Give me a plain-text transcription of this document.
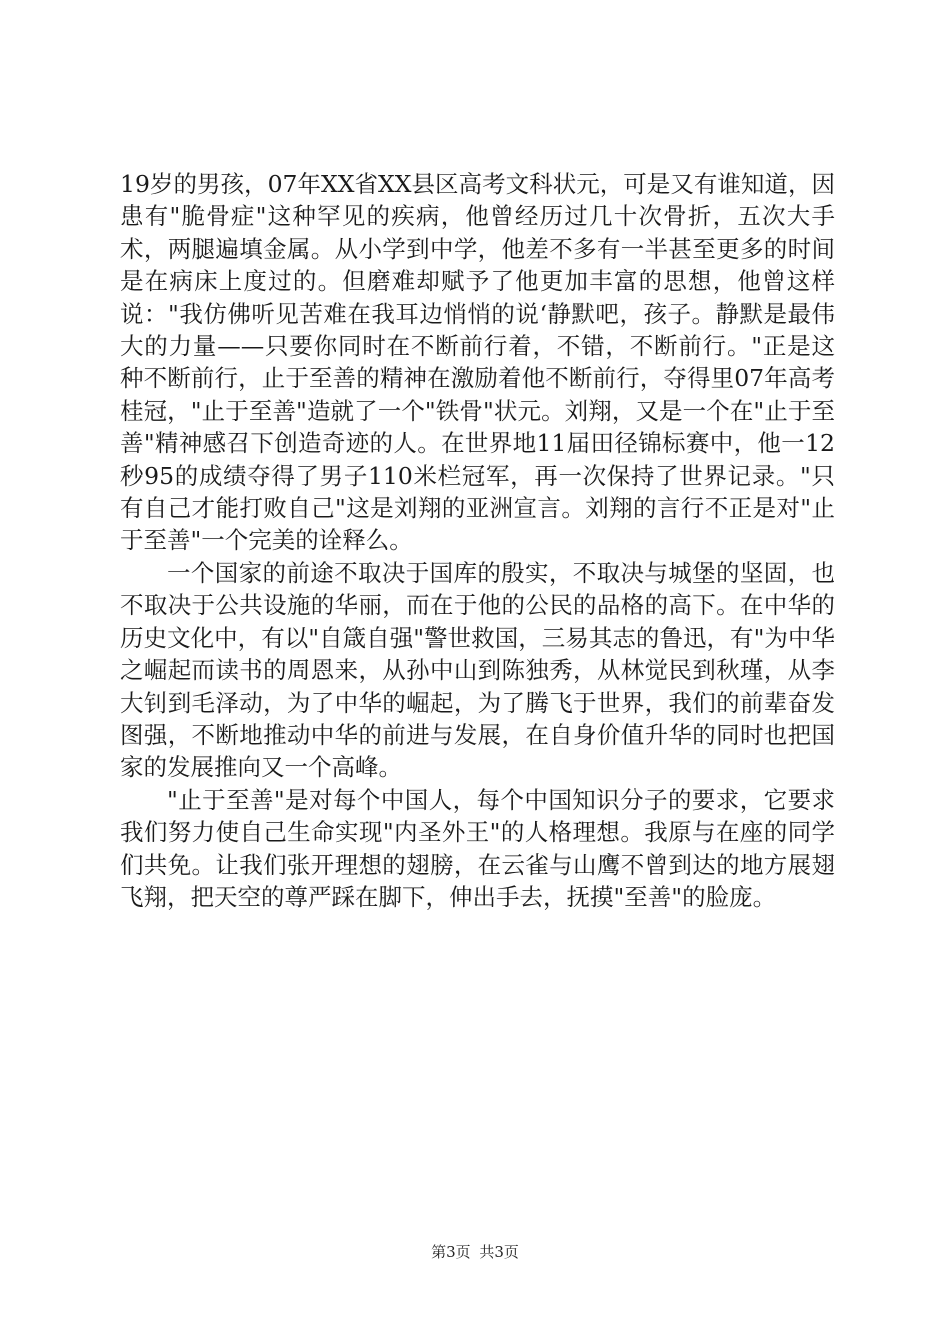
19岁的男孩，07年XX省XX县区高考文科状元，可是又有谁知道，因患有"脆骨症"这种罕见的疾病，他曾经历过几十次骨折，五次大手术，两腿遍填金属。从小学到中学，他差不多有一半甚至更多的时间是在病床上度过的。但磨难却赋予了他更加丰富的思想，他曾这样说："我仿佛听见苦难在我耳边悄悄的说‘静默吧，孩子。静默是最伟大的力量——只要你同时在不断前行着，不错，不断前行。"正是这种不断前行，止于至善的精神在激励着他不断前行，夺得里07年高考桂冠，"止于至善"造就了一个"铁骨"状元。刘翔，又是一个在"止于至善"精神感召下创造奇迹的人。在世界地11届田径锦标赛中，他一12秒95的成绩夺得了男子110米栏冠军，再一次保持了世界记录。"只有自己才能打败自己"这是刘翔的亚洲宣言。刘翔的言行不正是对"止于至善"一个完美的诠释么。

一个国家的前途不取决于国库的殷实，不取决与城堡的坚固，也不取决于公共设施的华丽，而在于他的公民的品格的高下。在中华的历史文化中，有以"自箴自强"警世救国，三易其志的鲁迅，有"为中华之崛起而读书的周恩来，从孙中山到陈独秀，从林觉民到秋瑾，从李大钊到毛泽动，为了中华的崛起，为了腾飞于世界，我们的前辈奋发图强，不断地推动中华的前进与发展，在自身价值升华的同时也把国家的发展推向又一个高峰。

"止于至善"是对每个中国人，每个中国知识分子的要求，它要求我们努力使自己生命实现"内圣外王"的人格理想。我原与在座的同学们共免。让我们张开理想的翅膀，在云雀与山鹰不曾到达的地方展翅飞翔，把天空的尊严踩在脚下，伸出手去，抚摸"至善"的脸庞。

第3页 共3页
